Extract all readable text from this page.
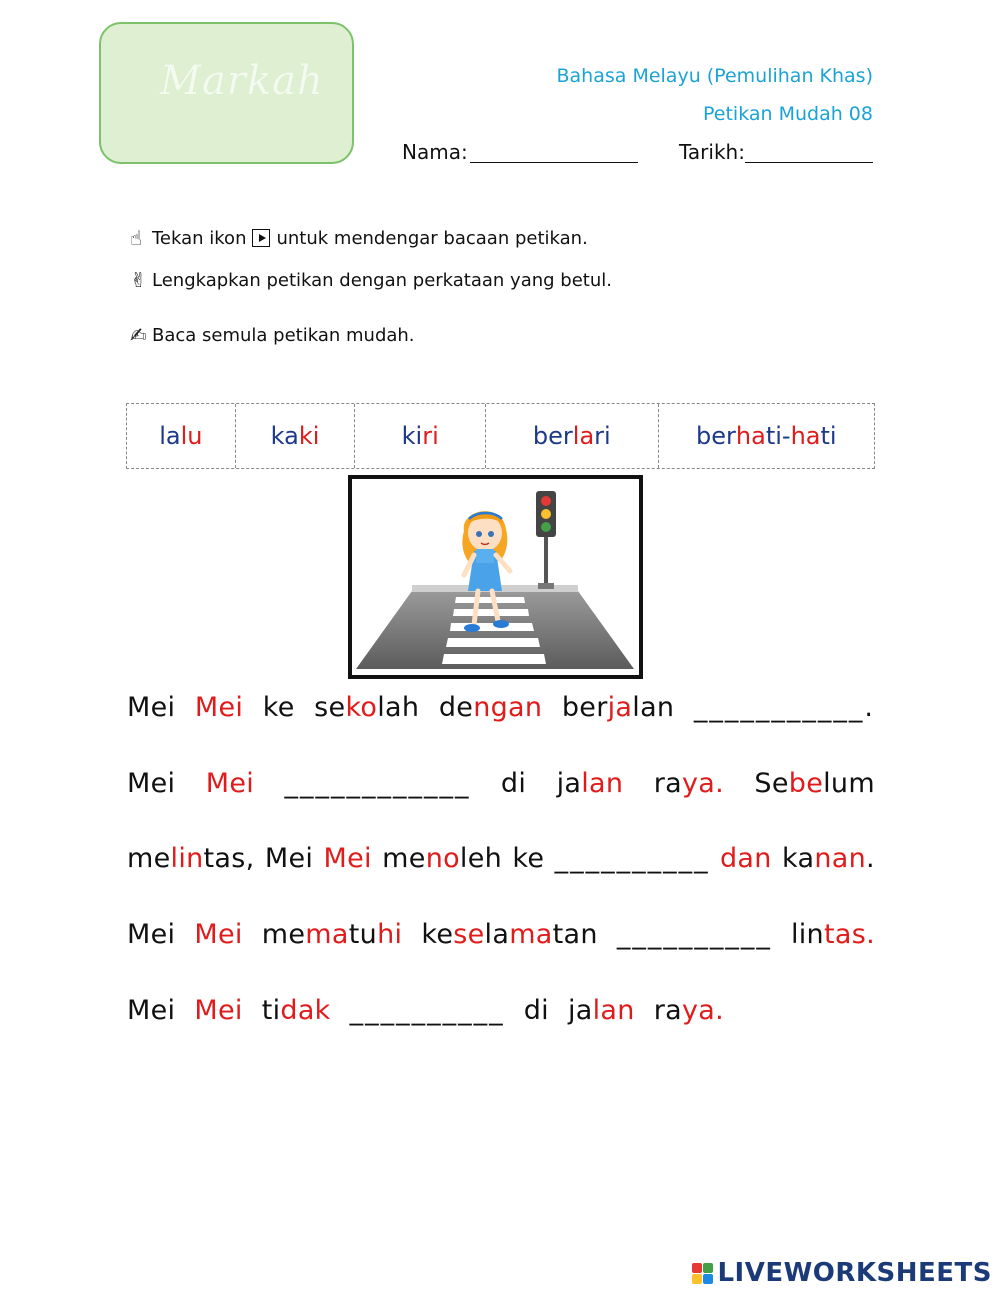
Markah	Bahasa Melayu (Pemulihan Khas)
Petikan Mudah 08
Nama:	Tarikh:
☝ Tekan ikon untuk mendengar bacaan petikan.
✌ Lengkapkan petikan dengan perkataan yang betul.
✍ Baca semula petikan mudah.
la lu	ka ki	ki ri	ber la ri	ber ha ti- ha ti
Mei Mei ke sekolah dengan berjalan ___________.
Mei Mei ____________ di jalan raya. Sebelum
melintas, Mei Mei menoleh ke __________ dan kanan.
Mei Mei mematuhi keselamatan __________ lintas.
Mei Mei tidak __________ di jalan raya.
LIVEWORKSHEETS
